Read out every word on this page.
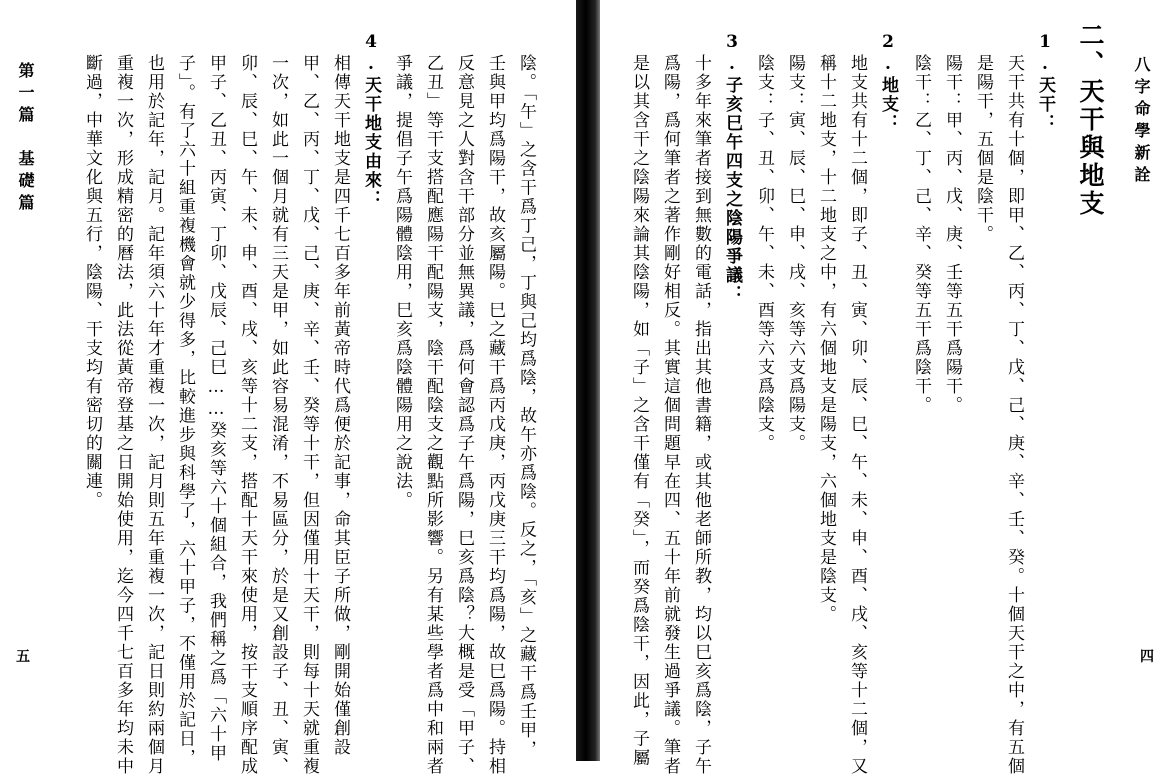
八字命學新詮
四
二、天干與地支
1.天干：
天干共有十個，即甲、乙、丙、丁、戊、己、庚、辛、壬、癸。十個天干之中，有五個
是陽干，五個是陰干。
陽干：甲、丙、戊、庚、壬等五干爲陽干。
陰干：乙、丁、己、辛、癸等五干爲陰干。
2.地支：
地支共有十二個，即子、丑、寅、卯、辰、巳、午、未、申、酉、戌、亥等十二個，又
稱十二地支，十二地支之中，有六個地支是陽支，六個地支是陰支。
陽支：寅、辰、巳、申、戌、亥等六支爲陽支。
陰支：子、丑、卯、午、未、酉等六支爲陰支。
3.子亥巳午四支之陰陽爭議：
十多年來筆者接到無數的電話，指出其他書籍，或其他老師所教，均以巳亥爲陰，子午
爲陽，爲何筆者之著作剛好相反。其實這個問題早在四、五十年前就發生過爭議。筆者
是以其含干之陰陽來論其陰陽，如「子」之含干僅有「癸」，而癸爲陰干，因此，子屬
五
第一篇　基礎篇	陰。「午」之含干爲丁己，丁與己均爲陰，故午亦爲陰。反之，「亥」之藏干爲壬甲，
壬與甲均爲陽干，故亥屬陽。巳之藏干爲丙戊庚，丙戊庚三干均爲陽，故巳爲陽。持相
反意見之人對含干部分並無異議，爲何會認爲子午爲陽，巳亥爲陰？大概是受「甲子、
乙丑」等干支搭配應陽干配陽支，陰干配陰支之觀點所影響。另有某些學者爲中和兩者
爭議，提倡子午爲陽體陰用，巳亥爲陰體陽用之說法。
4.天干地支由來：
相傳天干地支是四千七百多年前黃帝時代爲便於記事，命其臣子所做，剛開始僅創設
甲、乙、丙、丁、戊、己、庚、辛、壬、癸等十干，但因僅用十天干，則每十天就重複
一次，如此一個月就有三天是甲，如此容易混淆，不易區分，於是又創設子、丑、寅、
卯、辰、巳、午、未、申、酉、戌、亥等十二支，搭配十天干來使用，按干支順序配成
甲子、乙丑、丙寅、丁卯、戊辰、己巳……癸亥等六十個組合，我們稱之爲「六十甲
子」。有了六十組重複機會就少得多，比較進步與科學了，六十甲子，不僅用於記日，
也用於記年，記月。記年須六十年才重複一次，記月則五年重複一次，記日則約兩個月
重複一次，形成精密的曆法，此法從黃帝登基之日開始使用，迄今四千七百多年均未中
斷過，中華文化與五行，陰陽、干支均有密切的關連。
